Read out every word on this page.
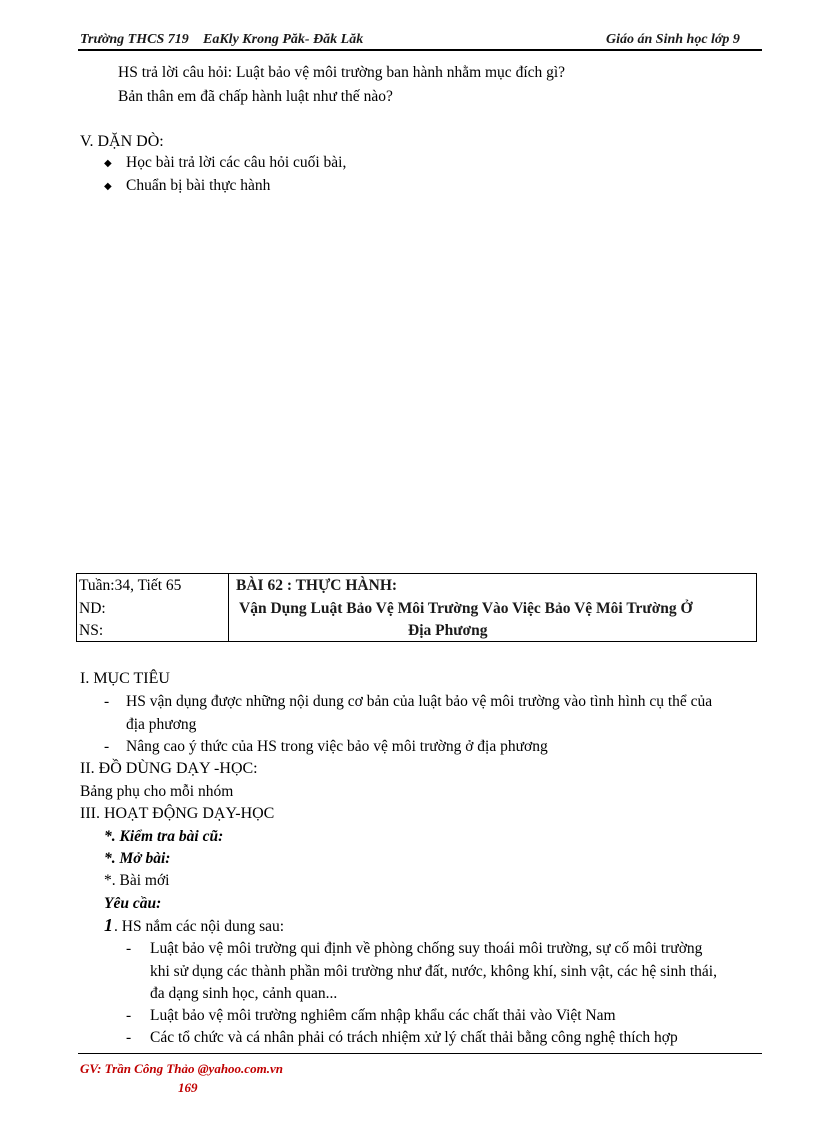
Trường THCS 719 EaKly Krong Păk- Đăk Lăk	Giáo án Sinh học lớp 9
HS trả lời câu hỏi: Luật bảo vệ môi trường ban hành nhằm mục đích gì?
Bản thân em đã chấp hành luật như thế nào?
V. DẶN DÒ:
◆ Học bài trả lời các câu hỏi cuối bài,
◆ Chuẩn bị bài thực hành
Tuần:34, Tiết 65
ND:
NS:

BÀI 62 : THỰC HÀNH:
Vận Dụng Luật Bảo Vệ Môi Trường Vào Việc Bảo Vệ Môi Trường Ở
Địa Phương
I. MỤC TIÊU
- HS vận dụng được những nội dung cơ bản của luật bảo vệ môi trường vào tình hình cụ thể của
địa phương
- Nâng cao ý thức của HS trong việc bảo vệ môi trường ở địa phương
II. ĐỒ DÙNG DẠY -HỌC:
Bảng phụ cho mỗi nhóm
III. HOẠT ĐỘNG DẠY-HỌC
*. Kiểm tra bài cũ:
*. Mở bài:
*. Bài mới
Yêu cầu:
1 . HS nắm các nội dung sau:
- Luật bảo vệ môi trường qui định về phòng chống suy thoái môi trường, sự cố môi trường
khi sử dụng các thành phần môi trường như đất, nước, không khí, sinh vật, các hệ sinh thái,
đa dạng sinh học, cảnh quan...
- Luật bảo vệ môi trường nghiêm cấm nhập khẩu các chất thải vào Việt Nam
- Các tổ chức và cá nhân phải có trách nhiệm xử lý chất thải bằng công nghệ thích hợp
GV: Trần Công Thảo @yahoo.com.vn
169
